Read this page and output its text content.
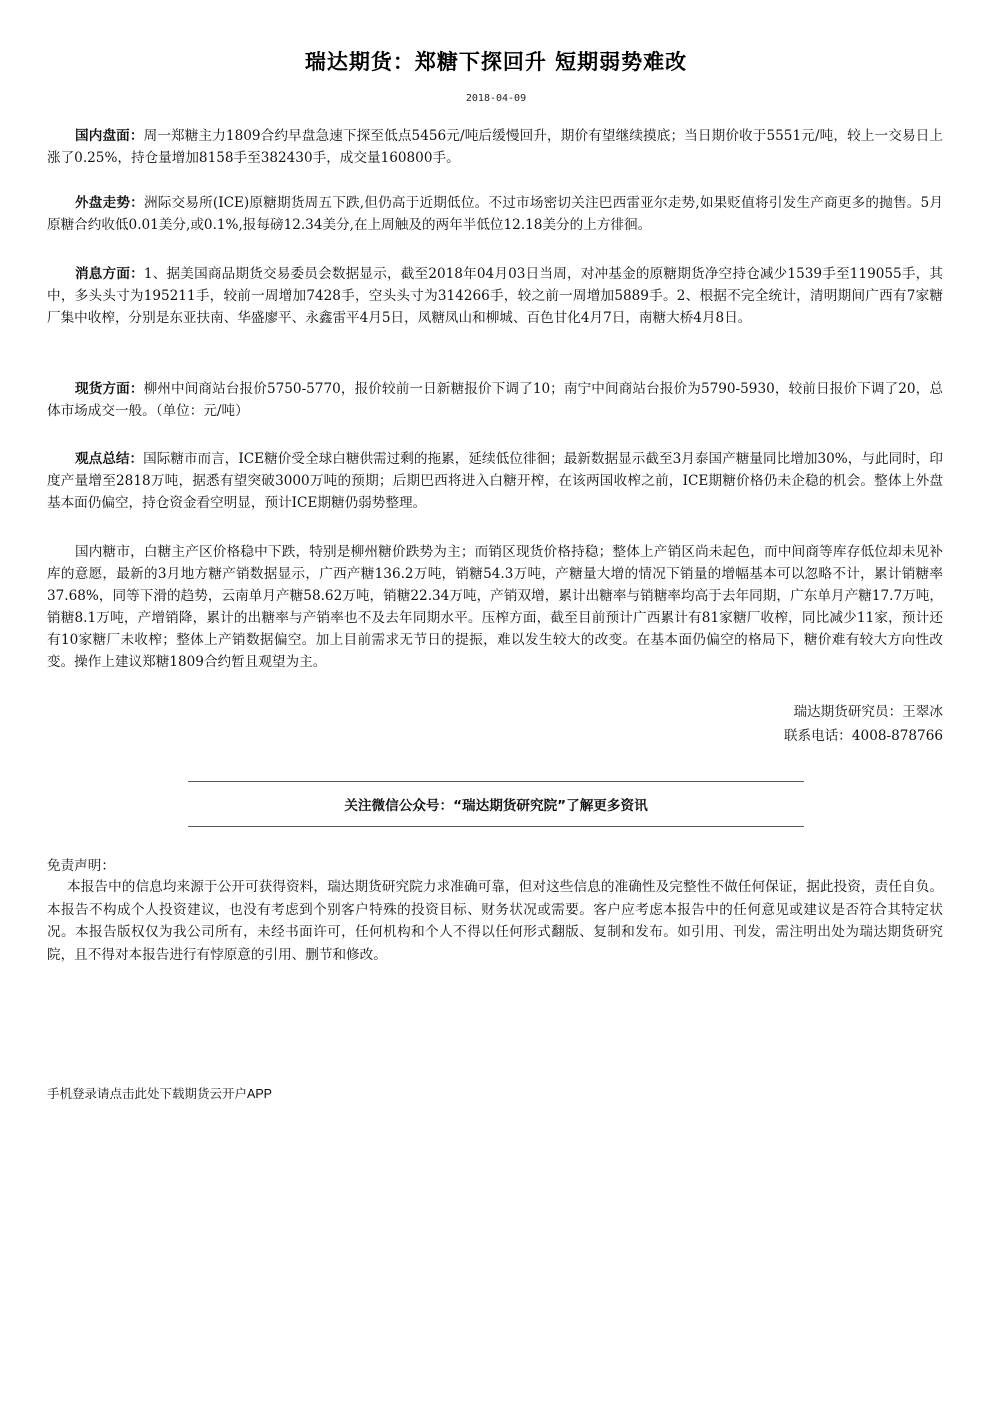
瑞达期货：郑糖下探回升 短期弱势难改
2018-04-09

国内盘面：周一郑糖主力1809合约早盘急速下探至低点5456元/吨后缓慢回升，期价有望继续摸底；当日期价收于5551元/吨，较上一交易日上涨了0.25%，持仓量增加8158手至382430手，成交量160800手。

外盘走势：洲际交易所(ICE)原糖期货周五下跌,但仍高于近期低位。不过市场密切关注巴西雷亚尔走势,如果贬值将引发生产商更多的抛售。5月原糖合约收低0.01美分,或0.1%,报每磅12.34美分,在上周触及的两年半低位12.18美分的上方徘徊。

消息方面：1、据美国商品期货交易委员会数据显示，截至2018年04月03日当周，对冲基金的原糖期货净空持仓减少1539手至119055手，其中，多头头寸为195211手，较前一周增加7428手，空头头寸为314266手，较之前一周增加5889手。2、根据不完全统计，清明期间广西有7家糖厂集中收榨，分别是东亚扶南、华盛廖平、永鑫雷平4月5日，凤糖凤山和柳城、百色甘化4月7日，南糖大桥4月8日。

现货方面：柳州中间商站台报价5750-5770，报价较前一日新糖报价下调了10；南宁中间商站台报价为5790-5930，较前日报价下调了20，总体市场成交一般。（单位：元/吨）

观点总结：国际糖市而言，ICE糖价受全球白糖供需过剩的拖累，延续低位徘徊；最新数据显示截至3月泰国产糖量同比增加30%，与此同时，印度产量增至2818万吨，据悉有望突破3000万吨的预期；后期巴西将进入白糖开榨，在该两国收榨之前，ICE期糖价格仍未企稳的机会。整体上外盘基本面仍偏空，持仓资金看空明显，预计ICE期糖仍弱势整理。

国内糖市，白糖主产区价格稳中下跌，特别是柳州糖价跌势为主；而销区现货价格持稳；整体上产销区尚未起色，而中间商等库存低位却未见补库的意愿，最新的3月地方糖产销数据显示，广西产糖136.2万吨，销糖54.3万吨，产糖量大增的情况下销量的增幅基本可以忽略不计，累计销糖率37.68%，同等下滑的趋势，云南单月产糖58.62万吨，销糖22.34万吨，产销双增，累计出糖率与销糖率均高于去年同期，广东单月产糖17.7万吨，销糖8.1万吨，产增销降，累计的出糖率与产销率也不及去年同期水平。压榨方面，截至目前预计广西累计有81家糖厂收榨，同比减少11家，预计还有10家糖厂未收榨；整体上产销数据偏空。加上目前需求无节日的提振，难以发生较大的改变。在基本面仍偏空的格局下，糖价难有较大方向性改变。操作上建议郑糖1809合约暂且观望为主。

瑞达期货研究员：王翠冰
联系电话：4008-878766
关注微信公众号：“瑞达期货研究院”了解更多资讯
免责声明：

本报告中的信息均来源于公开可获得资料，瑞达期货研究院力求准确可靠，但对这些信息的准确性及完整性不做任何保证，据此投资，责任自负。本报告不构成个人投资建议，也没有考虑到个别客户特殊的投资目标、财务状况或需要。客户应考虑本报告中的任何意见或建议是否符合其特定状况。本报告版权仅为我公司所有，未经书面许可，任何机构和个人不得以任何形式翻版、复制和发布。如引用、刊发，需注明出处为瑞达期货研究院，且不得对本报告进行有悖原意的引用、删节和修改。

手机登录请点击此处下载期货云开户APP
